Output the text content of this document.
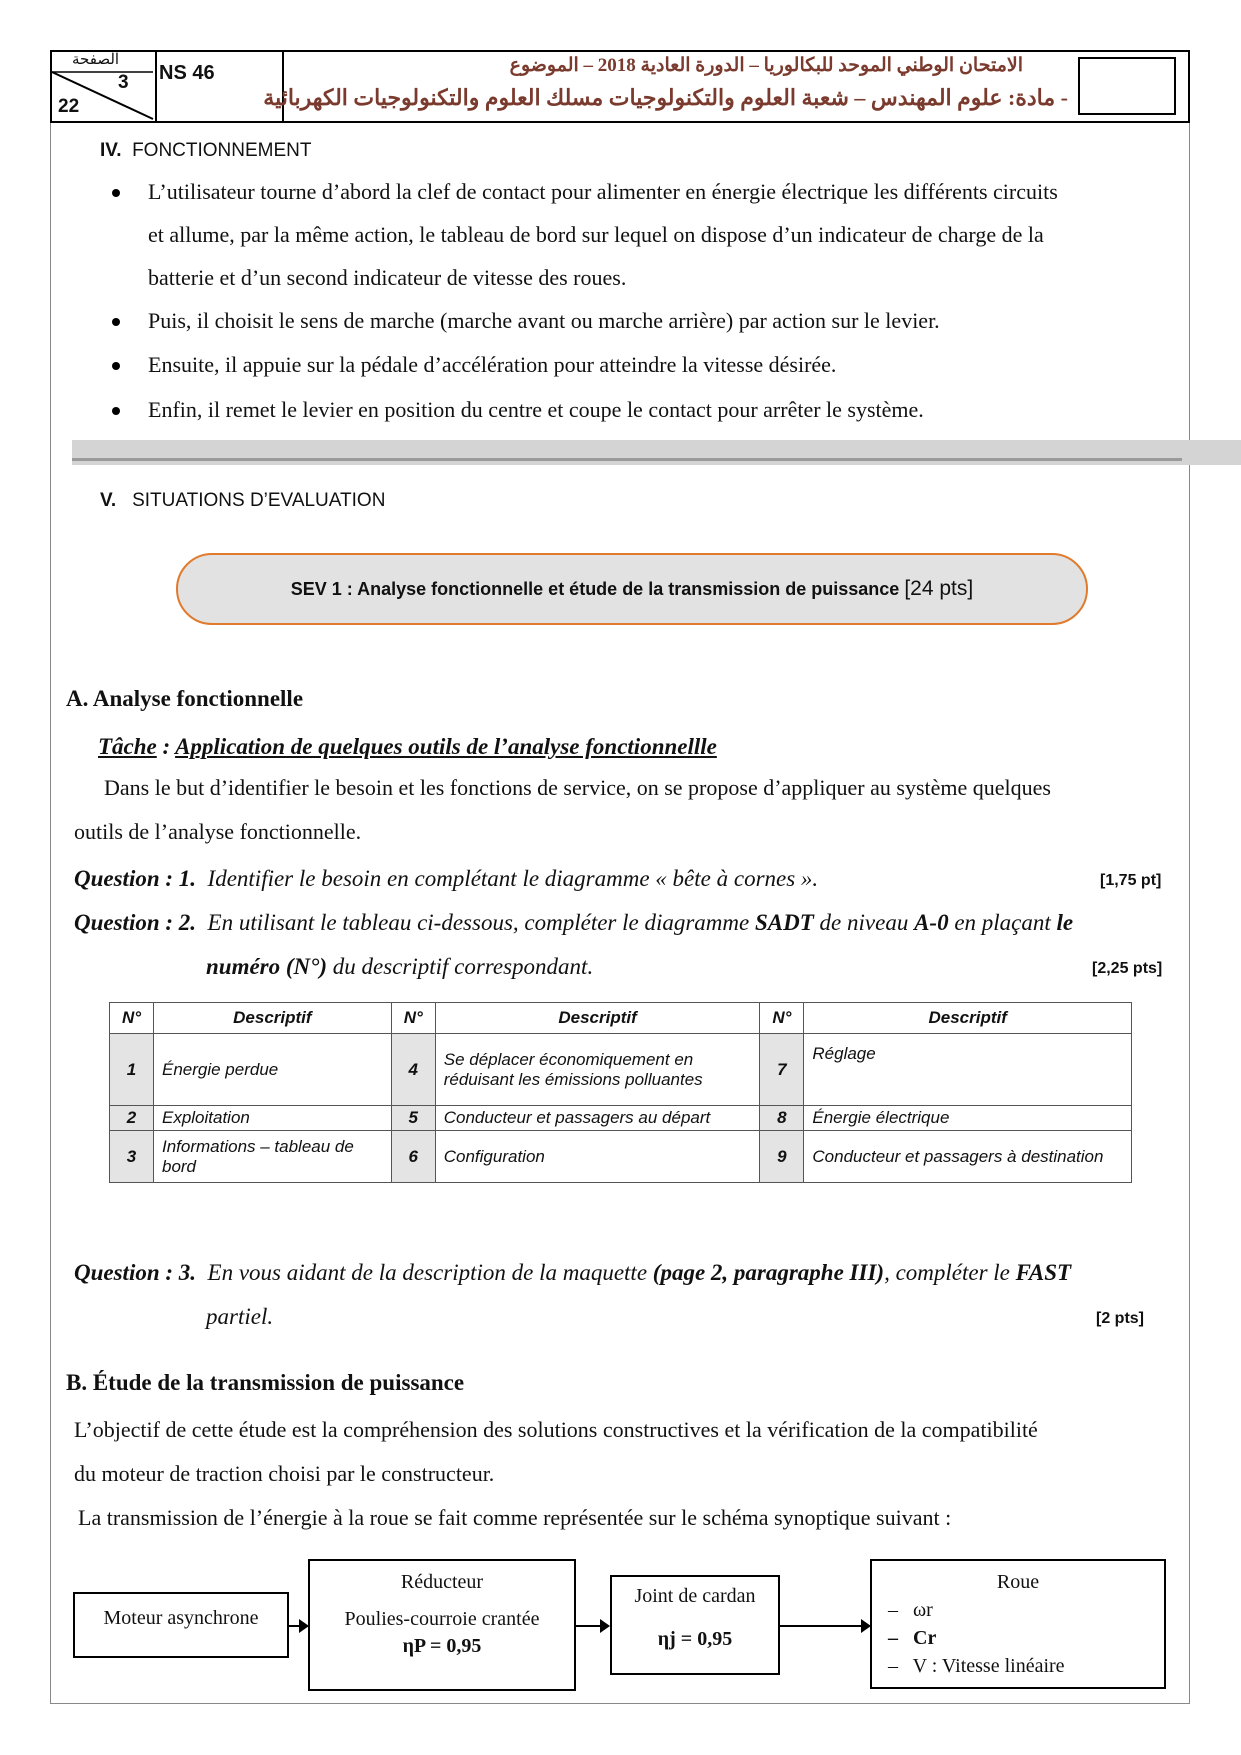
الصفحة
3
22
NS 46	الامتحان الوطني الموحد للبكالوريا – الدورة العادية 2018 – الموضوع
- مادة: علوم المهندس – شعبة العلوم والتكنولوجيات مسلك العلوم والتكنولوجيات الكهربائية
IV. FONCTIONNEMENT
L’utilisateur tourne d’abord la clef de contact pour alimenter en énergie électrique les différents circuits
et allume, par la même action, le tableau de bord sur lequel on dispose d’un indicateur de charge de la
batterie et d’un second indicateur de vitesse des roues.
Puis, il choisit le sens de marche (marche avant ou marche arrière) par action sur le levier.
Ensuite, il appuie sur la pédale d’accélération pour atteindre la vitesse désirée.
Enfin, il remet le levier en position du centre et coupe le contact pour arrêter le système.
V. SITUATIONS D’EVALUATION
SEV 1 : Analyse fonctionnelle et étude de la transmission de puissance
[24 pts]
A. Analyse fonctionnelle
Tâche : Application de quelques outils de l’analyse fonctionnellle
Dans le but d’identifier le besoin et les fonctions de service, on se propose d’appliquer au système quelques
outils de l’analyse fonctionnelle.
Question : 1. Identifier le besoin en complétant le diagramme « bête à cornes ».	[1,75 pt]
Question : 2. En utilisant le tableau ci-dessous, compléter le diagramme SADT de niveau A-0 en plaçant le
numéro (N°) du descriptif correspondant.	[2,25 pts]
N°	Descriptif	N°	Descriptif	N°	Descriptif
1	Énergie perdue	4	Se déplacer économiquement en réduisant les émissions polluantes	7	Réglage
2	Exploitation	5	Conducteur et passagers au départ	8	Énergie électrique
3	Informations – tableau de bord	6	Configuration	9	Conducteur et passagers à destination
Question : 3. En vous aidant de la description de la maquette (page 2, paragraphe III), compléter le FAST
partiel.	[2 pts]
B. Étude de la transmission de puissance
L’objectif de cette étude est la compréhension des solutions constructives et la vérification de la compatibilité
du moteur de traction choisi par le constructeur.
La transmission de l’énergie à la roue se fait comme représentée sur le schéma synoptique suivant :
Moteur asynchrone
Réducteur
Poulies-courroie crantée
ηP = 0,95
Joint de cardan
ηj = 0,95
Roue
–   ωr
–   Cr
–   V : Vitesse linéaire
